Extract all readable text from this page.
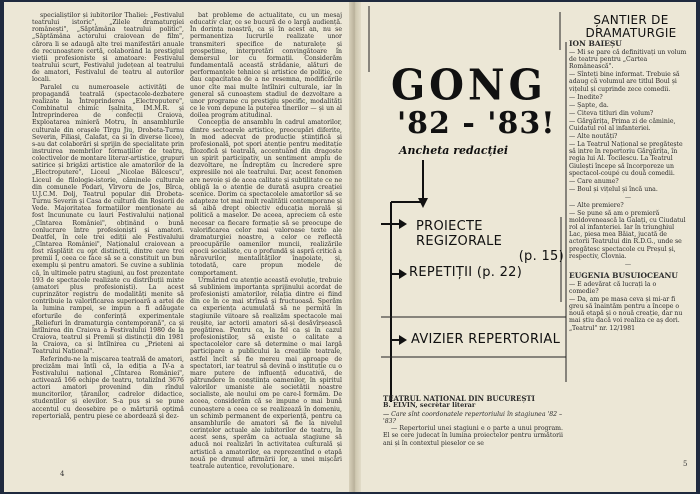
specialiștilor și iubitorilor Thaliei: „Festivalul teatrului istoric", „Zilele dramaturgiei românești", „Săptămâna teatrului politic", „Săptămâna actorului craiovean de film", cărora li se adaugă alte trei manifestări anuale de recunoaștere certă, colaborând la prestigiul vieții profesioniste și amatoare: Festivalul teatrului scurt, Festivalul județean al teatrului de amatori, Festivalul de teatru al autorilor locali.

Paralel cu numeroasele activități de propagandă teatrală (spectacole-dezbatere realizate la Întreprinderea „Electroputere", Combinatul chimic Ișalnița, IM.M.R. și Întreprinderea de confecții Craiova, Exploatarea minieră Motru, în ansamblurile culturale din orașele Tîrgu Jiu, Drobeta-Turnu Severin, Filiași, Calafat, ca și în diverse licee), s-au dat colaborări și sprijin de specialitate prin instruirea membrilor formațiilor de teatru, colectivelor de montare literar-artistice, grupuri satirice și brigăzi artistice ale amatorilor de la „Electroputere", Liceul „Nicolae Bălcescu", Liceul de filologie-istorie, căminele culturale din comunele Podari, Vîrvoru de Jos, Bîrca, U.J.C.M. Dolj, Teatrul popular din Drobeta-Turnu Severin și Casa de cultură din Roșiorii de Vede. Majoritatea formațiilor menționate au fost încununate cu lauri Festivalului național „Cîntarea României", obținând o bună conlucrare între profesioniști și amatori. Deatfel, în cele trei ediții ale Festivalului „Cîntarea României", Naționalul craiovean a fost răsplătit cu opt distincții, dintre care trei premii I, ceea ce face să se a constituit un bun exemplu și pentru amatori. Se cuvine a sublinia că, în ultimele patru stagiuni, au fost prezentate 193 de spectacole realizate cu distribuții mixte (amatori plus profesioniști). La acest cuprinzător registru de modalități menite să contribuie la valorificarea superioară a artei de la lumina rampei, se impun a fi adăugate eforturile de conferință experimentale „Reliefuri în dramaturgia contemporană", ca și întîlnirea din Craiova a Festivalului 1980 de la Craiova, teatrul și Premii și distincții din 1981 la Craiova, ca și întîlnirea cu „Prieteni ai Teatrului Național".

Referindu-ne la mișcarea teatrală de amatori, precizăm mai întîi că, la ediția a IV-a a Festivalului național „Cîntarea României", activează 166 echipe de teatru, totalizînd 3676 actori amatori provenind din rîndul muncitorilor, țăranilor, cadrelor didactice, studenților și elevilor. S-a pus și se pune accentul cu deosebire pe o mărturiă optimă repertorială, pentru piese ce abordează și dez-

bat probleme de actualitate, cu un mesaj educativ clar, ce se bucură de o largă audiență. În dorința noastră, ca și în acest an, nu se permanentiza lucrurile realizate unor transmiteri specifice de naturalețe și prospețime, interpretări convingătoare în demersul lor cu formații. Considerăm fundamentală această strădanie, alături de performanțele tehnice și artistice de poliție, ce dau capacitatea de a ne resemna, modificările unor cîte mai multe întîlniri culturale, iar în general să cunoaștem stadiul de dezvoltare a unor programe cu prestigiu specific, modalități ce le vom depune la puterea tinerilor — și un al doilea program atitudinal.

Concepția de ansamblu în cadrul amatorilor, dintre sectoarele artistice, preocupări diferite, în mod adecvat de producție științifică și profesională, pot spori atenție pentru meditație filozofică și teatrală, accentuând din dragoste un spirit participativ, un sentiment amplu de dezvoltare, ne îndreptăm cu încredere spre expresiile noi ale teatrului. Dar, acest fenomen are nevoie și de acea calitate și subtilitate ce ne obligă la o atenție de durată asupra creației scenice. Dorim ca spectacolele amatorilor să se adapteze tot mai mult realității contemporane și să aibă drept obiectiv educația morală și politică a maselor. De aceea, apreciem că este necesar ca fiecare formație să se preocupe de valorificarea celor mai valoroase texte ale dramaturgiei noastre, a celor ce reflectă preocupările oamenilor muncii, realizările epocii socialiste, cu o profundă și aspră critică a năravurilor, mentalităților înapoiate, și, totodată, care propun modele de comportament.

Urmărind cu atenție această evoluție, trebuie să subliniem importanța sprijinului acordat de profesioniști amatorilor, relația dintre ei fiind din ce în ce mai strînsă și fructuoasă. Sperăm ca experiența acumulată să ne permită în stagiunile viitoare să realizăm spectacole mai reușite, iar actorii amatori să-și desăvîrșească pregătirea. Pentru ca, la fel ca și în cazul profesioniștilor, să existe o calitate a spectacolelor care să determine o mai largă participare a publicului la creațiile teatrale, astfel încît să fie mereu mai aproape de spectatori, iar teatrul să devină o instituție cu o mare putere de influență educativă, de pătrundere în conștiința oamenilor, în spiritul valorilor umaniste ale societății noastre socialiste, ale noului om pe care-l formăm. De aceea, considerăm că se impune o mai bună cunoaștere a ceea ce se realizează în domeniu, un schimb permanent de experiență, pentru ca ansamblurile de amatori să fie la nivelul cerințelor actuale ale iubitorilor de teatru, în acest sens, sperăm ca actuala stagiune să aducă noi realizări în activitatea culturală și artistică a amatorilor, ea reprezentînd o etapă nouă pe drumul afirmării lor, a unei mișcări teatrale autentice, revoluționare.

4
GONG
'82 - '83!
Ancheta redacției
ȘANTIER DE
DRAMATURGIE
PROIECTE REGIZORALE
(p. 15)
REPETIȚII (p. 22)
AVIZIER REPERTORIAL

ION BAIEȘU

— Mi se pare că definitivați un volum de teatru pentru „Cartea Românească".

— Sînteți bine informat. Trebuie să adaug că volumul are titlul Boul și vițelul și cuprinde zece comedii.

— Inedite?

— Șapte, da.

— Citeva titluri din volum?

— Gărgărița, Prima zi de căminie, Cuidatul rol al infanteriei.

— Alte noutăți?

— La Teatrul Național se pregătește să intre în repertoriu Gărgărița, în regia lui Al. Tocilescu. La Teatrul Giulești începe să încorporeze un spectacol-coupé cu două comedii.

— Care anume?

— Boul și vițelul și încă una.

—

— Alte premiere?

— Se pune să am o premieră moldovenească la Galați, cu Ciudatul rol al infanteriei. Iar în triunghiul Lac, piesa mea Băiat, jucată de actorii Teatrului din R.D.G., unde se pregătesc spectacole cu Preșul și, respectiv, Clovnia.

—

EUGENIA BUSUIOCEANU

— E adevărat că lucrați la o comedie?

— Da, am pe masa ceva și mi-ar fi greu să înaintăm pentru a începe o nouă etapă și o nouă creație, dar nu mai știu dacă voi realiza ce aș dori.

„Teatrul" nr. 12/1981

TEATRUL NAȚIONAL DIN BUCUREȘTI
B. ELVIN, secretar literar
— Care sînt coordonatele repertoriului în stagiunea '82 – '83?
— Repertoriul unei stagiuni e o parte a unui program. El se cere judecat în lumina proiectelor pentru următorii ani și în contextul pieselor ce se
5
